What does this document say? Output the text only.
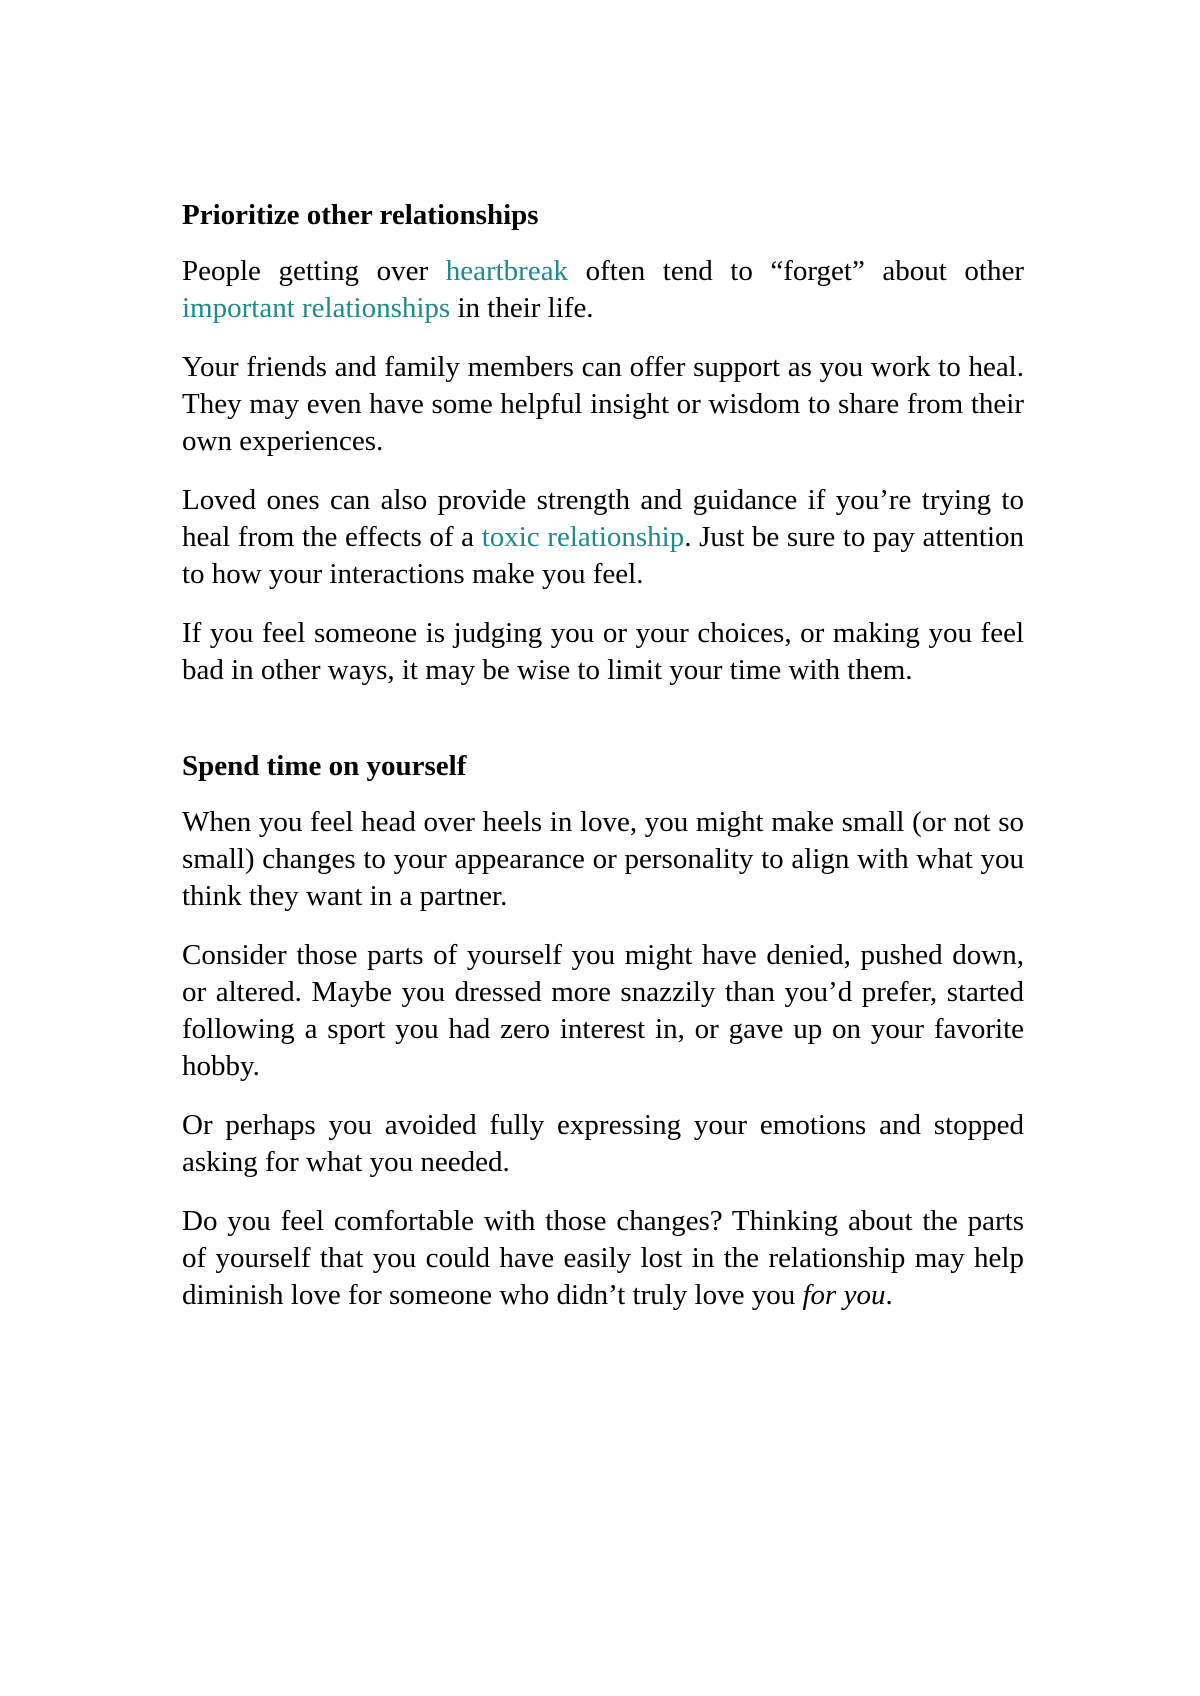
Prioritize other relationships

People getting over heartbreak often tend to “forget” about other important relationships in their life.

Your friends and family members can offer support as you work to heal. They may even have some helpful insight or wisdom to share from their own experiences.

Loved ones can also provide strength and guidance if you’re trying to heal from the effects of a toxic relationship. Just be sure to pay attention to how your interactions make you feel.

If you feel someone is judging you or your choices, or making you feel bad in other ways, it may be wise to limit your time with them.

Spend time on yourself

When you feel head over heels in love, you might make small (or not so small) changes to your appearance or personality to align with what you think they want in a partner.

Consider those parts of yourself you might have denied, pushed down, or altered. Maybe you dressed more snazzily than you’d prefer, started following a sport you had zero interest in, or gave up on your favorite hobby.

Or perhaps you avoided fully expressing your emotions and stopped asking for what you needed.

Do you feel comfortable with those changes? Thinking about the parts of yourself that you could have easily lost in the relationship may help diminish love for someone who didn’t truly love you for you.
